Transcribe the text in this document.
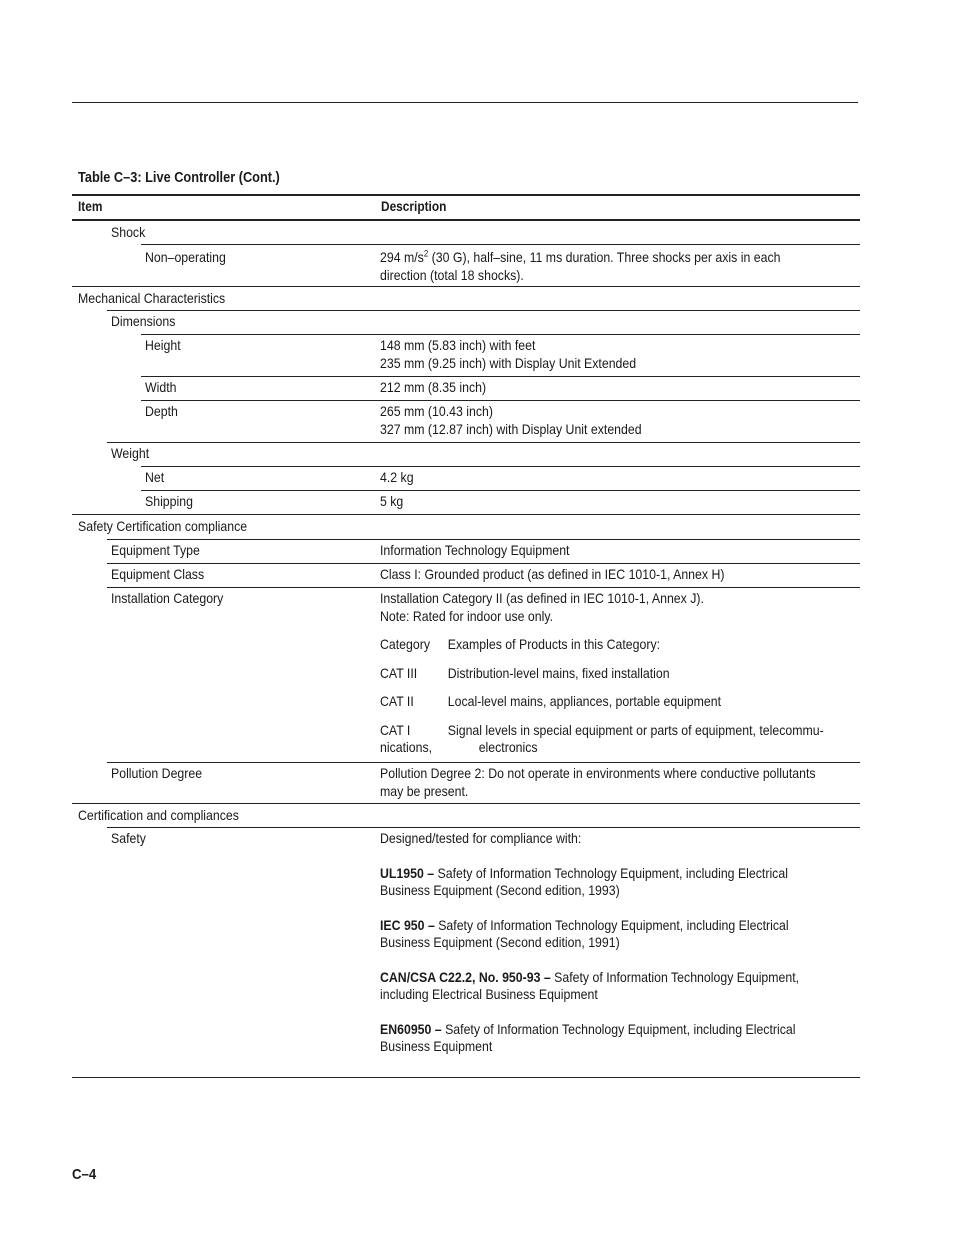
Table C–3: Live Controller (Cont.)
Item	Description
Shock
Non–operating	294 $m/s^2$ (30 G), half–sine, 11 ms duration. Three shocks per axis in each

direction (total 18 shocks).

Mechanical Characteristics
Dimensions
Height	148 mm (5.83 inch) with feet

235 mm (9.25 inch) with Display Unit Extended

Width	212 mm (8.35 inch)

Depth	265 mm (10.43 inch)

327 mm (12.87 inch) with Display Unit extended

Weight
Net	4.2 kg

Shipping	5 kg

Safety Certification compliance
Equipment Type	Information Technology Equipment

Equipment Class	Class I: Grounded product (as defined in IEC 1010-1, Annex H)

Installation Category	Installation Category II (as defined in IEC 1010-1, Annex J).

Note: Rated for indoor use only.

Category	Examples of Products in this Category:
CAT III	Distribution-level mains, fixed installation
CAT II	Local-level mains, appliances, portable equipment
CAT I	Signal levels in special equipment or parts of equipment, telecommu-
nications,	electronics
Pollution Degree	Pollution Degree 2: Do not operate in environments where conductive pollutants

may be present.

Certification and compliances
Safety	Designed/tested for compliance with:

UL1950 – Safety of Information Technology Equipment, including Electrical

Business Equipment (Second edition, 1993)

IEC 950 – Safety of Information Technology Equipment, including Electrical

Business Equipment (Second edition, 1991)

CAN/CSA C22.2, No. 950-93 – Safety of Information Technology Equipment,

including Electrical Business Equipment

EN60950 – Safety of Information Technology Equipment, including Electrical

Business Equipment

C–4
